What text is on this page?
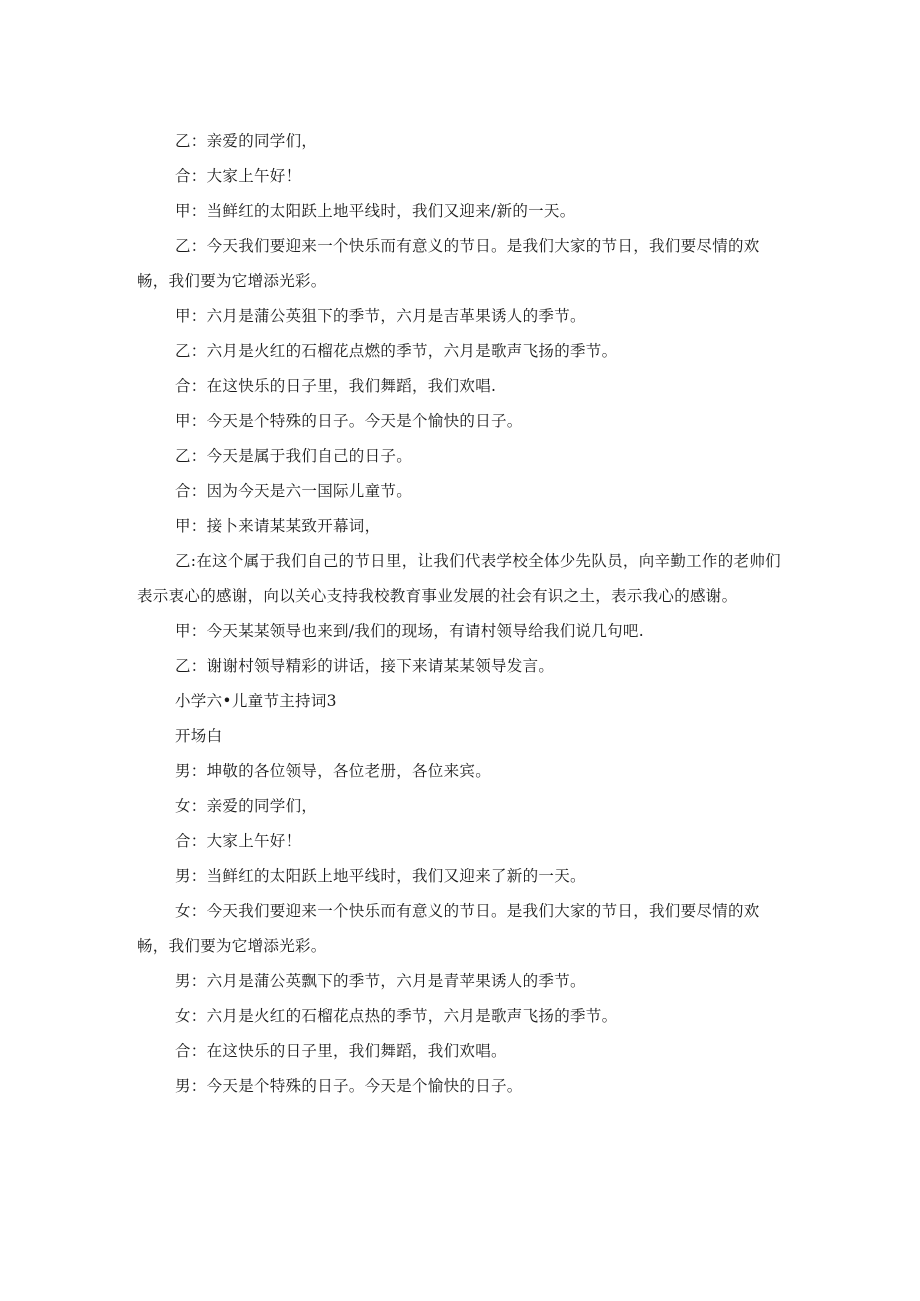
乙：亲爱的同学们，

合：大家上午好！

甲：当鲜红的太阳跃上地平线时，我们又迎来/新的一天。

乙：今天我们要迎来一个快乐而有意义的节日。是我们大家的节日，我们要尽情的欢畅，我们要为它增添光彩。

甲：六月是蒲公英狙下的季节，六月是吉革果诱人的季节。

乙：六月是火红的石榴花点燃的季节，六月是歌声飞扬的季节。

合：在这快乐的日子里，我们舞蹈，我们欢唱.

甲：今天是个特殊的日子。今天是个愉快的日子。

乙：今天是属于我们自己的日子。

合：因为今天是六一国际儿童节。

甲：接卜来请某某致开幕词，

乙:在这个属于我们自己的节日里，让我们代表学校全体少先队员，向辛勤工作的老帅们表示衷心的感谢，向以关心支持我校教育事业发展的社会有识之土，表示我心的感谢。

甲：今天某某领导也来到/我们的现场，有请村领导给我们说几句吧.

乙：谢谢村领导精彩的讲话，接下来请某某领导发言。

小学六•儿童节主持词3

开场白

男：坤敬的各位领导，各位老册，各位来宾。

女：亲爱的同学们，

合：大家上午好！

男：当鲜红的太阳跃上地平线时，我们又迎来了新的一天。

女：今天我们要迎来一个快乐而有意义的节日。是我们大家的节日，我们要尽情的欢畅，我们要为它增添光彩。

男：六月是蒲公英飘下的季节，六月是青苹果诱人的季节。

女：六月是火红的石榴花点热的季节，六月是歌声飞扬的季节。

合：在这快乐的日子里，我们舞蹈，我们欢唱。

男：今天是个特殊的日子。今天是个愉快的日子。
